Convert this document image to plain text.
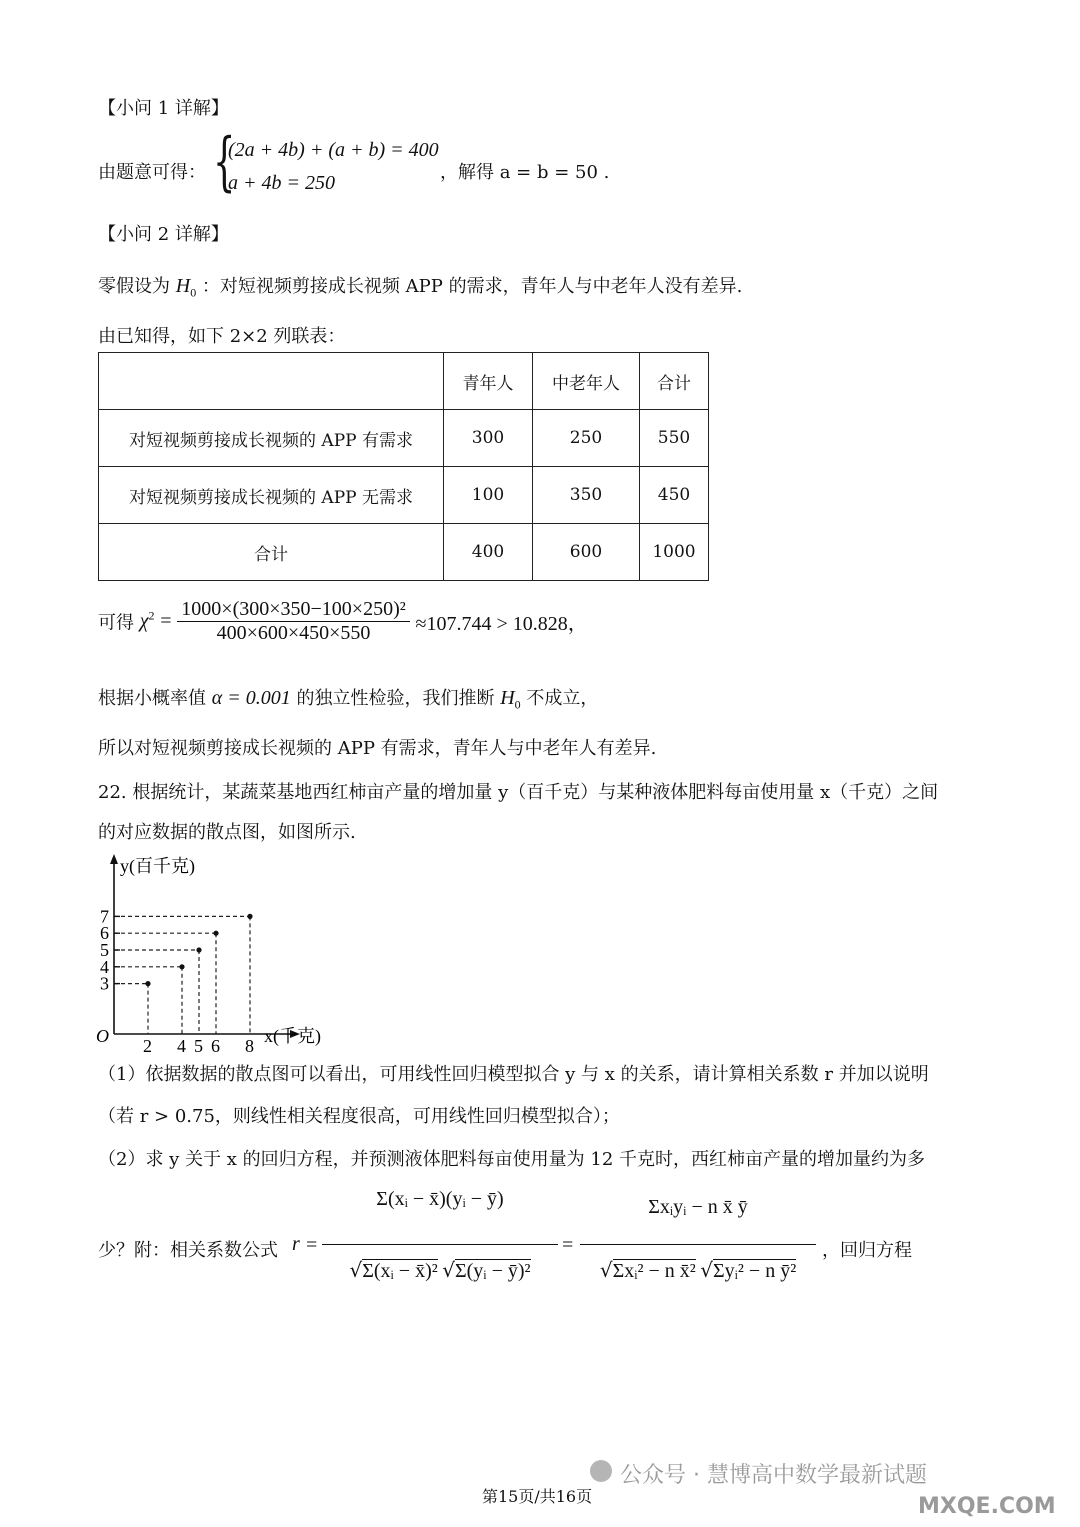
【小问 1 详解】
由题意可得： {
(2a + 4b) + (a + b) = 400
a + 4b = 250	，解得 a = b = 50 .
【小问 2 详解】
零假设为 $H_0$ ：对短视频剪接成长视频 APP 的需求，青年人与中老年人没有差异.
由已知得，如下 2×2 列联表：
	青年人	中老年人	合计
对短视频剪接成长视频的 APP 有需求	300	250	550
对短视频剪接成长视频的 APP 无需求	100	350	450
合计	400	600	1000
可得 $\chi^2 = \frac{\text{1000×(300×350−100×250)²}}{400\times 600\times 450\times 550} \approx 107.744 > 10.828$，
根据小概率值 α = 0.001 的独立性检验，我们推断 $H_0$ 不成立，
所以对短视频剪接成长视频的 APP 有需求，青年人与中老年人有差异.
22. 根据统计，某蔬菜基地西红柿亩产量的增加量 y（百千克）与某种液体肥料每亩使用量 x（千克）之间
的对应数据的散点图，如图所示.
y(百千克)
x(千克)
O
3
4
5
6
7
2 4 5 6 8
（1）依据数据的散点图可以看出，可用线性回归模型拟合 y 与 x 的关系，请计算相关系数 r 并加以说明
（若 r > 0.75，则线性相关程度很高，可用线性回归模型拟合）；
（2）求 y 关于 x 的回归方程，并预测液体肥料每亩使用量为 12 千克时，西红柿亩产量的增加量约为多
少？附：相关系数公式 r =
Σ(xᵢ − x̄)(yᵢ − ȳ)
√Σ(xᵢ − x̄)² √Σ(yᵢ − ȳ)²
=
Σxᵢyᵢ − n x̄ ȳ
√Σxᵢ² − n x̄² √Σyᵢ² − n ȳ²
，回归方程
第15页/共16页
公众号 · 慧博高中数学最新试题
MXQE.COM
